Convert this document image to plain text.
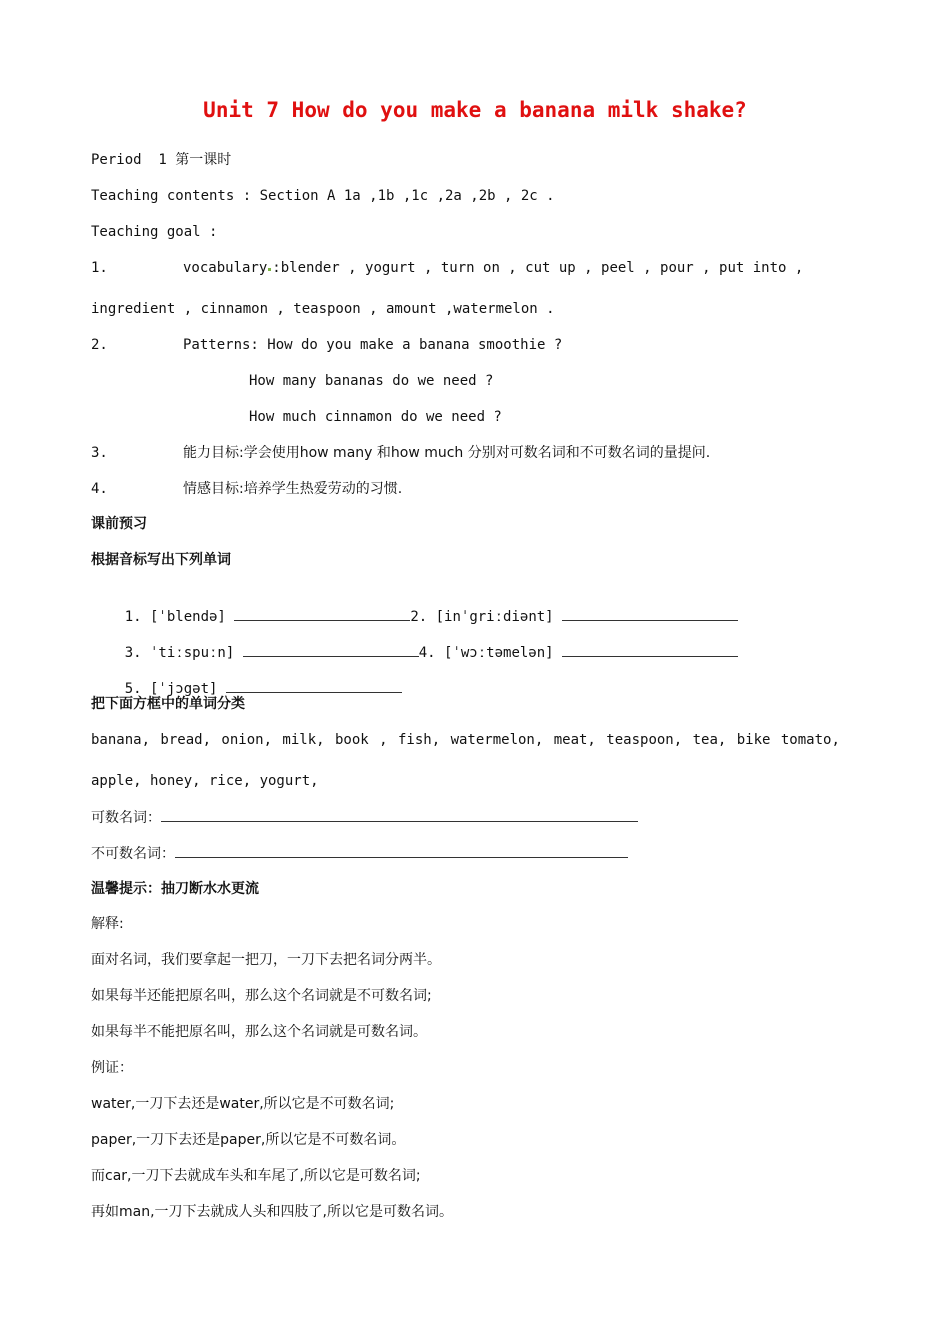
Unit 7 How do you make a banana milk shake?
Period  1 第一课时
Teaching contents : Section A 1a ,1b ,1c ,2a ,2b , 2c .
Teaching goal :
1.	vocabulary :blender , yogurt , turn on , cut up , peel , pour , put into ,
ingredient , cinnamon , teaspoon , amount ,watermelon .
2.	Patterns: How do you make a banana smoothie ?
How many bananas do we need ?
How much cinnamon do we need ?
3.	能力目标:学会使用how many 和how much 分别对可数名词和不可数名词的量提问.
4.	情感目标:培养学生热爱劳动的习惯.
课前预习
根据音标写出下列单词

1. [ˈblendə]	2. [inˈgriːdiənt]

3. ˈtiːspuːn]	4. [ˈwɔːtəmelən]

5. [ˈjɔgət]

把下面方框中的单词分类
banana, bread, onion, milk, book , fish, watermelon, meat, teaspoon, tea, bike tomato,
apple, honey, rice, yogurt,
可数名词：
不可数名词：
温馨提示：抽刀断水水更流
解释:
面对名词，我们要拿起一把刀，一刀下去把名词分两半。
如果每半还能把原名叫，那么这个名词就是不可数名词;
如果每半不能把原名叫，那么这个名词就是可数名词。
例证：
water,一刀下去还是water,所以它是不可数名词;
paper,一刀下去还是paper,所以它是不可数名词。
而car,一刀下去就成车头和车尾了,所以它是可数名词;
再如man,一刀下去就成人头和四肢了,所以它是可数名词。
